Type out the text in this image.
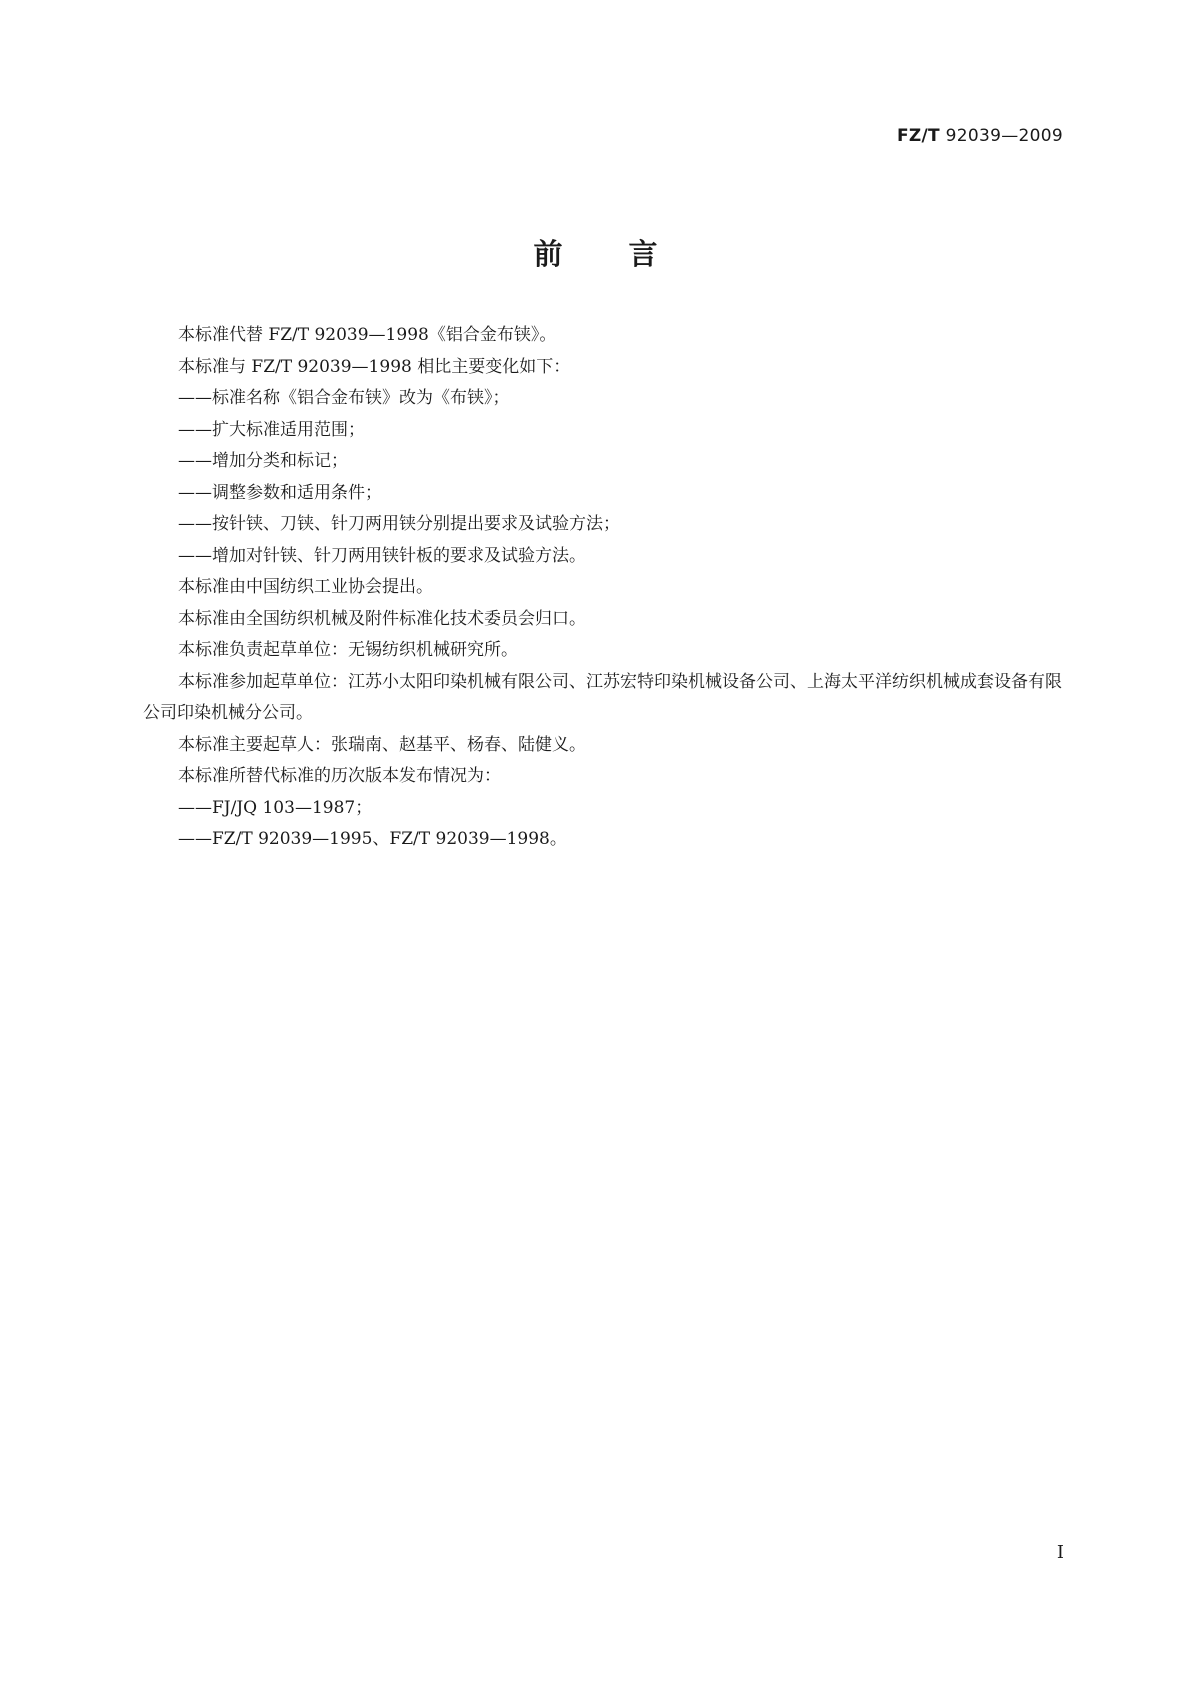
FZ/T 92039—2009
前言

本标准代替 FZ/T 92039—1998《铝合金布铗》。

本标准与 FZ/T 92039—1998 相比主要变化如下：

——标准名称《铝合金布铗》改为《布铗》；

——扩大标准适用范围；

——增加分类和标记；

——调整参数和适用条件；

——按针铗、刀铗、针刀两用铗分别提出要求及试验方法；

——增加对针铗、针刀两用铗针板的要求及试验方法。

本标准由中国纺织工业协会提出。

本标准由全国纺织机械及附件标准化技术委员会归口。

本标准负责起草单位：无锡纺织机械研究所。

本标准参加起草单位：江苏小太阳印染机械有限公司、江苏宏特印染机械设备公司、上海太平洋纺织机械成套设备有限公司印染机械分公司。

本标准主要起草人：张瑞南、赵基平、杨春、陆健义。

本标准所替代标准的历次版本发布情况为：

——FJ/JQ 103—1987；

——FZ/T 92039—1995、FZ/T 92039—1998。

I
